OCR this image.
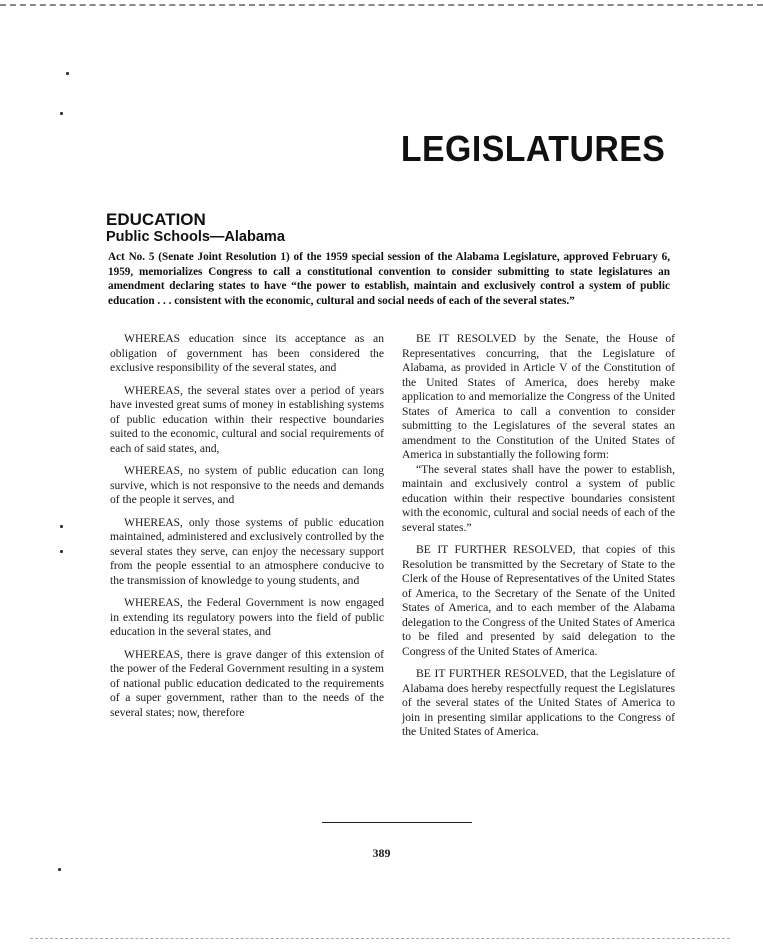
LEGISLATURES
EDUCATION
Public Schools—Alabama
Act No. 5 (Senate Joint Resolution 1) of the 1959 special session of the Alabama Legislature, approved February 6, 1959, memorializes Congress to call a constitutional convention to consider submitting to state legislatures an amendment declaring states to have “the power to establish, maintain and exclusively control a system of public education . . . consistent with the economic, cultural and social needs of each of the several states.”

WHEREAS education since its acceptance as an obligation of government has been considered the exclusive responsibility of the several states, and

WHEREAS, the several states over a period of years have invested great sums of money in establishing systems of public education within their respective boundaries suited to the economic, cultural and social requirements of each of said states, and,

WHEREAS, no system of public education can long survive, which is not responsive to the needs and demands of the people it serves, and

WHEREAS, only those systems of public education maintained, administered and exclusively controlled by the several states they serve, can enjoy the necessary support from the people essential to an atmosphere conducive to the transmission of knowledge to young students, and

WHEREAS, the Federal Government is now engaged in extending its regulatory powers into the field of public education in the several states, and

WHEREAS, there is grave danger of this extension of the power of the Federal Government resulting in a system of national public education dedicated to the requirements of a super government, rather than to the needs of the several states; now, therefore

BE IT RESOLVED by the Senate, the House of Representatives concurring, that the Legislature of Alabama, as provided in Article V of the Constitution of the United States of America, does hereby make application to and memorialize the Congress of the United States of America to call a convention to consider submitting to the Legislatures of the several states an amendment to the Constitution of the United States of America in substantially the following form:

“The several states shall have the power to establish, maintain and exclusively control a system of public education within their respective boundaries consistent with the economic, cultural and social needs of each of the several states.”

BE IT FURTHER RESOLVED, that copies of this Resolution be transmitted by the Secretary of State to the Clerk of the House of Representatives of the United States of America, to the Secretary of the Senate of the United States of America, and to each member of the Alabama delegation to the Congress of the United States of America to be filed and presented by said delegation to the Congress of the United States of America.

BE IT FURTHER RESOLVED, that the Legislature of Alabama does hereby respectfully request the Legislatures of the several states of the United States of America to join in presenting similar applications to the Congress of the United States of America.

389
